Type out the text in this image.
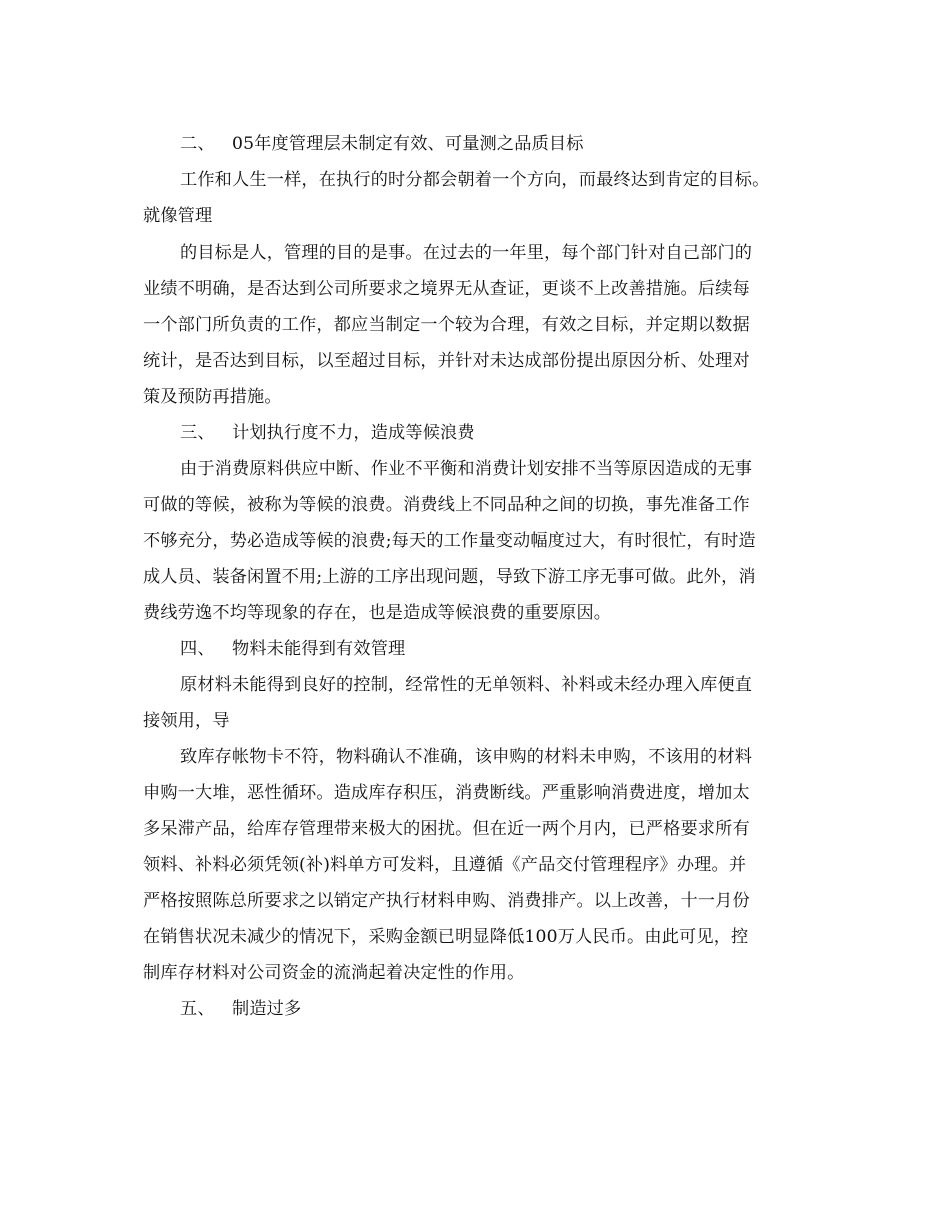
二、 05年度管理层未制定有效、可量测之品质目标
工作和人生一样，在执行的时分都会朝着一个方向，而最终达到肯定的目标。
就像管理
的目标是人，管理的目的是事。在过去的一年里，每个部门针对自己部门的
业绩不明确，是否达到公司所要求之境界无从查证，更谈不上改善措施。后续每
一个部门所负责的工作，都应当制定一个较为合理，有效之目标，并定期以数据
统计，是否达到目标，以至超过目标，并针对未达成部份提出原因分析、处理对
策及预防再措施。
三、 计划执行度不力，造成等候浪费
由于消费原料供应中断、作业不平衡和消费计划安排不当等原因造成的无事
可做的等候，被称为等候的浪费。消费线上不同品种之间的切换，事先准备工作
不够充分，势必造成等候的浪费;每天的工作量变动幅度过大，有时很忙，有时造
成人员、装备闲置不用;上游的工序出现问题，导致下游工序无事可做。此外，消
费线劳逸不均等现象的存在，也是造成等候浪费的重要原因。
四、 物料未能得到有效管理
原材料未能得到良好的控制，经常性的无单领料、补料或未经办理入库便直
接领用，导
致库存帐物卡不符，物料确认不准确，该申购的材料未申购，不该用的材料
申购一大堆，恶性循环。造成库存积压，消费断线。严重影响消费进度，增加太
多呆滞产品，给库存管理带来极大的困扰。但在近一两个月内，已严格要求所有
领料、补料必须凭领(补)料单方可发料，且遵循《产品交付管理程序》办理。并
严格按照陈总所要求之以销定产执行材料申购、消费排产。以上改善，十一月份
在销售状况未减少的情况下，采购金额已明显降低100万人民币。由此可见，控
制库存材料对公司资金的流淌起着决定性的作用。
五、 制造过多
